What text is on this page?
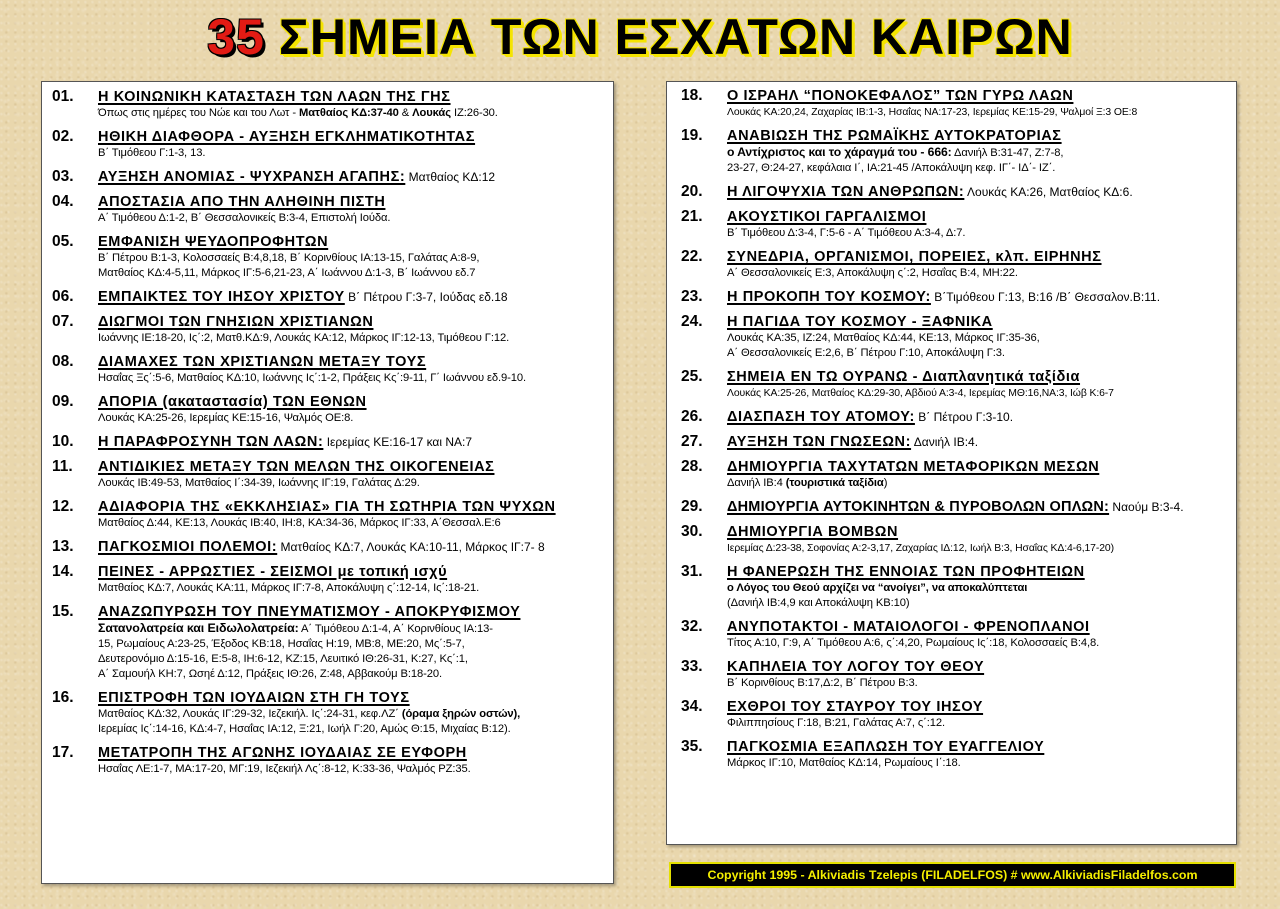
35 ΣΗΜΕΙΑ ΤΩΝ ΕΣΧΑΤΩΝ ΚΑΙΡΩΝ
01.	Η ΚΟΙΝΩΝΙΚΗ ΚΑΤΑΣΤΑΣΗ ΤΩΝ ΛΑΩΝ ΤΗΣ ΓΗΣ
Όπως στις ημέρες του Νώε και του Λωτ - Ματθαίος ΚΔ:37-40 & Λουκάς ΙΖ:26-30.
02.	ΗΘΙΚΗ ΔΙΑΦΘΟΡΑ - ΑΥΞΗΣΗ ΕΓΚΛΗΜΑΤΙΚΟΤΗΤΑΣ
Β΄ Τιμόθεου Γ:1-3, 13.
03.	ΑΥΞΗΣΗ ΑΝΟΜΙΑΣ - ΨΥΧΡΑΝΣΗ ΑΓΑΠΗΣ: Ματθαίος ΚΔ:12
04.	ΑΠΟΣΤΑΣΙΑ ΑΠΟ ΤΗΝ ΑΛΗΘΙΝΗ ΠΙΣΤΗ
Α΄ Τιμόθεου Δ:1-2, Β΄ Θεσσαλονικείς Β:3-4, Επιστολή Ιούδα.
05.	ΕΜΦΑΝΙΣΗ ΨΕΥΔΟΠΡΟΦΗΤΩΝ
Β΄ Πέτρου Β:1-3, Κολοσσαείς Β:4,8,18, Β΄ Κορινθίους ΙΑ:13-15, Γαλάτας Α:8-9,
Ματθαίος ΚΔ:4-5,11, Μάρκος ΙΓ:5-6,21-23, Α΄ Ιωάννου Δ:1-3, Β΄ Ιωάννου εδ.7
06.	ΕΜΠΑΙΚΤΕΣ ΤΟΥ ΙΗΣΟΥ ΧΡΙΣΤΟΥ Β΄ Πέτρου Γ:3-7, Ιούδας εδ.18
07.	ΔΙΩΓΜΟΙ ΤΩΝ ΓΝΗΣΙΩΝ ΧΡΙΣΤΙΑΝΩΝ
Ιωάννης ΙΕ:18-20, Ις΄:2, Ματθ.ΚΔ:9, Λουκάς ΚΑ:12, Μάρκος ΙΓ:12-13, Τιμόθεου Γ:12.
08.	ΔΙΑΜΑΧΕΣ ΤΩΝ ΧΡΙΣΤΙΑΝΩΝ ΜΕΤΑΞΥ ΤΟΥΣ
Ησαΐας Ξς΄:5-6, Ματθαίος ΚΔ:10, Ιωάννης Ις΄:1-2, Πράξεις Κς΄:9-11, Γ΄ Ιωάννου εδ.9-10.
09.	ΑΠΟΡΙΑ (ακαταστασία) ΤΩΝ ΕΘΝΩΝ
Λουκάς ΚΑ:25-26, Ιερεμίας ΚΕ:15-16, Ψαλμός ΟΕ:8.
10.	Η ΠΑΡΑΦΡΟΣΥΝΗ ΤΩΝ ΛΑΩΝ: Ιερεμίας ΚΕ:16-17 και ΝΑ:7
11.	ΑΝΤΙΔΙΚΙΕΣ ΜΕΤΑΞΥ ΤΩΝ ΜΕΛΩΝ ΤΗΣ ΟΙΚΟΓΕΝΕΙΑΣ
Λουκάς ΙΒ:49-53, Ματθαίος Ι΄:34-39, Ιωάννης ΙΓ:19, Γαλάτας Δ:29.
12.	ΑΔΙΑΦΟΡΙΑ ΤΗΣ «ΕΚΚΛΗΣΙΑΣ» ΓΙΑ ΤΗ ΣΩΤΗΡΙΑ ΤΩΝ ΨΥΧΩΝ
Ματθαίος Δ:44, ΚΕ:13, Λουκάς ΙΒ:40, ΙΗ:8, ΚΑ:34-36, Μάρκος ΙΓ:33, Α΄Θεσσαλ.Ε:6
13.	ΠΑΓΚΟΣΜΙΟΙ ΠΟΛΕΜΟΙ: Ματθαίος ΚΔ:7, Λουκάς ΚΑ:10-11, Μάρκος ΙΓ:7- 8
14.	ΠΕΙΝΕΣ - ΑΡΡΩΣΤΙΕΣ - ΣΕΙΣΜΟΙ με τοπική ισχύ
Ματθαίος ΚΔ:7, Λουκάς ΚΑ:11, Μάρκος ΙΓ:7-8, Αποκάλυψη ς΄:12-14, Ις΄:18-21.
15.	ΑΝΑΖΩΠΥΡΩΣΗ ΤΟΥ ΠΝΕΥΜΑΤΙΣΜΟΥ - ΑΠΟΚΡΥΦΙΣΜΟΥ
Σατανολατρεία και Ειδωλολατρεία: Α΄ Τιμόθεου Δ:1-4, Α΄ Κορινθίους ΙΑ:13-
15, Ρωμαίους Α:23-25, Έξοδος ΚΒ:18, Ησαΐας Η:19, ΜΒ:8, ΜΕ:20, Μς΄:5-7,
Δευτερονόμιο Δ:15-16, Ε:5-8, ΙΗ:6-12, ΚΖ:15, Λευιτικό ΙΘ:26-31, Κ:27, Κς΄:1,
Α΄ Σαμουήλ ΚΗ:7, Ωσηέ Δ:12, Πράξεις ΙΘ:26, Ζ:48, Αββακούμ Β:18-20.
16.	ΕΠΙΣΤΡΟΦΗ ΤΩΝ ΙΟΥΔΑΙΩΝ ΣΤΗ ΓΗ ΤΟΥΣ
Ματθαίος ΚΔ:32, Λουκάς ΙΓ:29-32, Ιεζεκιήλ. Ις΄:24-31, κεφ.ΛΖ΄ (όραμα ξηρών οστών),
Ιερεμίας Ις΄:14-16, ΚΔ:4-7, Ησαΐας ΙΑ:12, Ξ:21, Ιωήλ Γ:20, Αμώς Θ:15, Μιχαίας Β:12).
17.	ΜΕΤΑΤΡΟΠΗ ΤΗΣ ΑΓΩΝΗΣ ΙΟΥΔΑΙΑΣ ΣΕ ΕΥΦΟΡΗ
Ησαΐας ΛΕ:1-7, ΜΑ:17-20, ΜΓ:19, Ιεζεκιήλ Λς΄:8-12, Κ:33-36, Ψαλμός ΡΖ:35.
18.	Ο ΙΣΡΑΗΛ “ΠΟΝΟΚΕΦΑΛΟΣ” ΤΩΝ ΓΥΡΩ ΛΑΩΝ
Λουκάς ΚΑ:20,24, Ζαχαρίας ΙΒ:1-3, Ησαΐας ΝΑ:17-23, Ιερεμίας ΚΕ:15-29, Ψαλμοί Ξ:3 ΟΕ:8
19.	ΑΝΑΒΙΩΣΗ ΤΗΣ ΡΩΜΑΪΚΗΣ ΑΥΤΟΚΡΑΤΟΡΙΑΣ
ο Αντίχριστος και το χάραγμά του - 666: Δανιήλ Β:31-47, Ζ:7-8,
23-27, Θ:24-27, κεφάλαια Ι΄, ΙΑ:21-45 /Αποκάλυψη κεφ. ΙΓ΄- ΙΔ΄- ΙΖ΄.
20.	Η ΛΙΓΟΨΥΧΙΑ ΤΩΝ ΑΝΘΡΩΠΩΝ: Λουκάς ΚΑ:26, Ματθαίος ΚΔ:6.
21.	ΑΚΟΥΣΤΙΚΟΙ ΓΑΡΓΑΛΙΣΜΟΙ
Β΄ Τιμόθεου Δ:3-4, Γ:5-6 - Α΄ Τιμόθεου Α:3-4, Δ:7.
22.	ΣΥΝΕΔΡΙΑ, ΟΡΓΑΝΙΣΜΟΙ, ΠΟΡΕΙΕΣ, κλπ. ΕΙΡΗΝΗΣ
Α΄ Θεσσαλονικείς Ε:3, Αποκάλυψη ς΄:2, Ησαΐας Β:4, ΜΗ:22.
23.	Η ΠΡΟΚΟΠΗ ΤΟΥ ΚΟΣΜΟΥ: Β΄Τιμόθεου Γ:13, Β:16 /Β΄ Θεσσαλον.Β:11.
24.	Η ΠΑΓΙΔΑ ΤΟΥ ΚΟΣΜΟΥ - ΞΑΦΝΙΚΑ
Λουκάς ΚΑ:35, ΙΖ:24, Ματθαίος ΚΔ:44, ΚΕ:13, Μάρκος ΙΓ:35-36,
Α΄ Θεσσαλονικείς Ε:2,6, Β΄ Πέτρου Γ:10, Αποκάλυψη Γ:3.
25.	ΣΗΜΕΙΑ ΕΝ ΤΩ ΟΥΡΑΝΩ - Διαπλανητικά ταξίδια
Λουκάς ΚΑ:25-26, Ματθαίος ΚΔ:29-30, Αβδιού Α:3-4, Ιερεμίας ΜΘ:16,ΝΑ:3, Ιώβ Κ:6-7
26.	ΔΙΑΣΠΑΣΗ ΤΟΥ ΑΤΟΜΟΥ: Β΄ Πέτρου Γ:3-10.
27.	ΑΥΞΗΣΗ ΤΩΝ ΓΝΩΣΕΩΝ: Δανιήλ ΙΒ:4.
28.	ΔΗΜΙΟΥΡΓΙΑ ΤΑΧΥΤΑΤΩΝ ΜΕΤΑΦΟΡΙΚΩΝ ΜΕΣΩΝ
Δανιήλ ΙΒ:4 (τουριστικά ταξίδια)
29.	ΔΗΜΙΟΥΡΓΙΑ ΑΥΤΟΚΙΝΗΤΩΝ & ΠΥΡΟΒΟΛΩΝ ΟΠΛΩΝ: Ναούμ Β:3-4.
30.	ΔΗΜΙΟΥΡΓΙΑ ΒΟΜΒΩΝ
Ιερεμίας Δ:23-38, Σοφονίας Α:2-3,17, Ζαχαρίας ΙΔ:12, Ιωήλ Β:3, Ησαΐας ΚΔ:4-6,17-20)
31.	Η ΦΑΝΕΡΩΣΗ ΤΗΣ ΕΝΝΟΙΑΣ ΤΩΝ ΠΡΟΦΗΤΕΙΩΝ
ο Λόγος του Θεού αρχίζει να “ανοίγει”, να αποκαλύπτεται
(Δανιήλ ΙΒ:4,9 και Αποκάλυψη ΚΒ:10)
32.	ΑΝΥΠΟΤΑΚΤΟΙ - ΜΑΤΑΙΟΛΟΓΟΙ - ΦΡΕΝΟΠΛΑΝΟΙ
Τίτος Α:10, Γ:9, Α΄ Τιμόθεου Α:6, ς΄:4,20, Ρωμαίους Ις΄:18, Κολοσσαείς Β:4,8.
33.	ΚΑΠΗΛΕΙΑ ΤΟΥ ΛΟΓΟΥ ΤΟΥ ΘΕΟΥ
Β΄ Κορινθίους Β:17,Δ:2, Β΄ Πέτρου Β:3.
34.	ΕΧΘΡΟΙ ΤΟΥ ΣΤΑΥΡΟΥ ΤΟΥ ΙΗΣΟΥ
Φιλιππησίους Γ:18, Β:21, Γαλάτας Α:7, ς΄:12.
35.	ΠΑΓΚΟΣΜΙΑ ΕΞΑΠΛΩΣΗ ΤΟΥ ΕΥΑΓΓΕΛΙΟΥ
Μάρκος ΙΓ:10, Ματθαίος ΚΔ:14, Ρωμαίους Ι΄:18.
Copyright 1995 - Alkiviadis Tzelepis (FILADELFOS) # www.AlkiviadisFiladelfos.com
